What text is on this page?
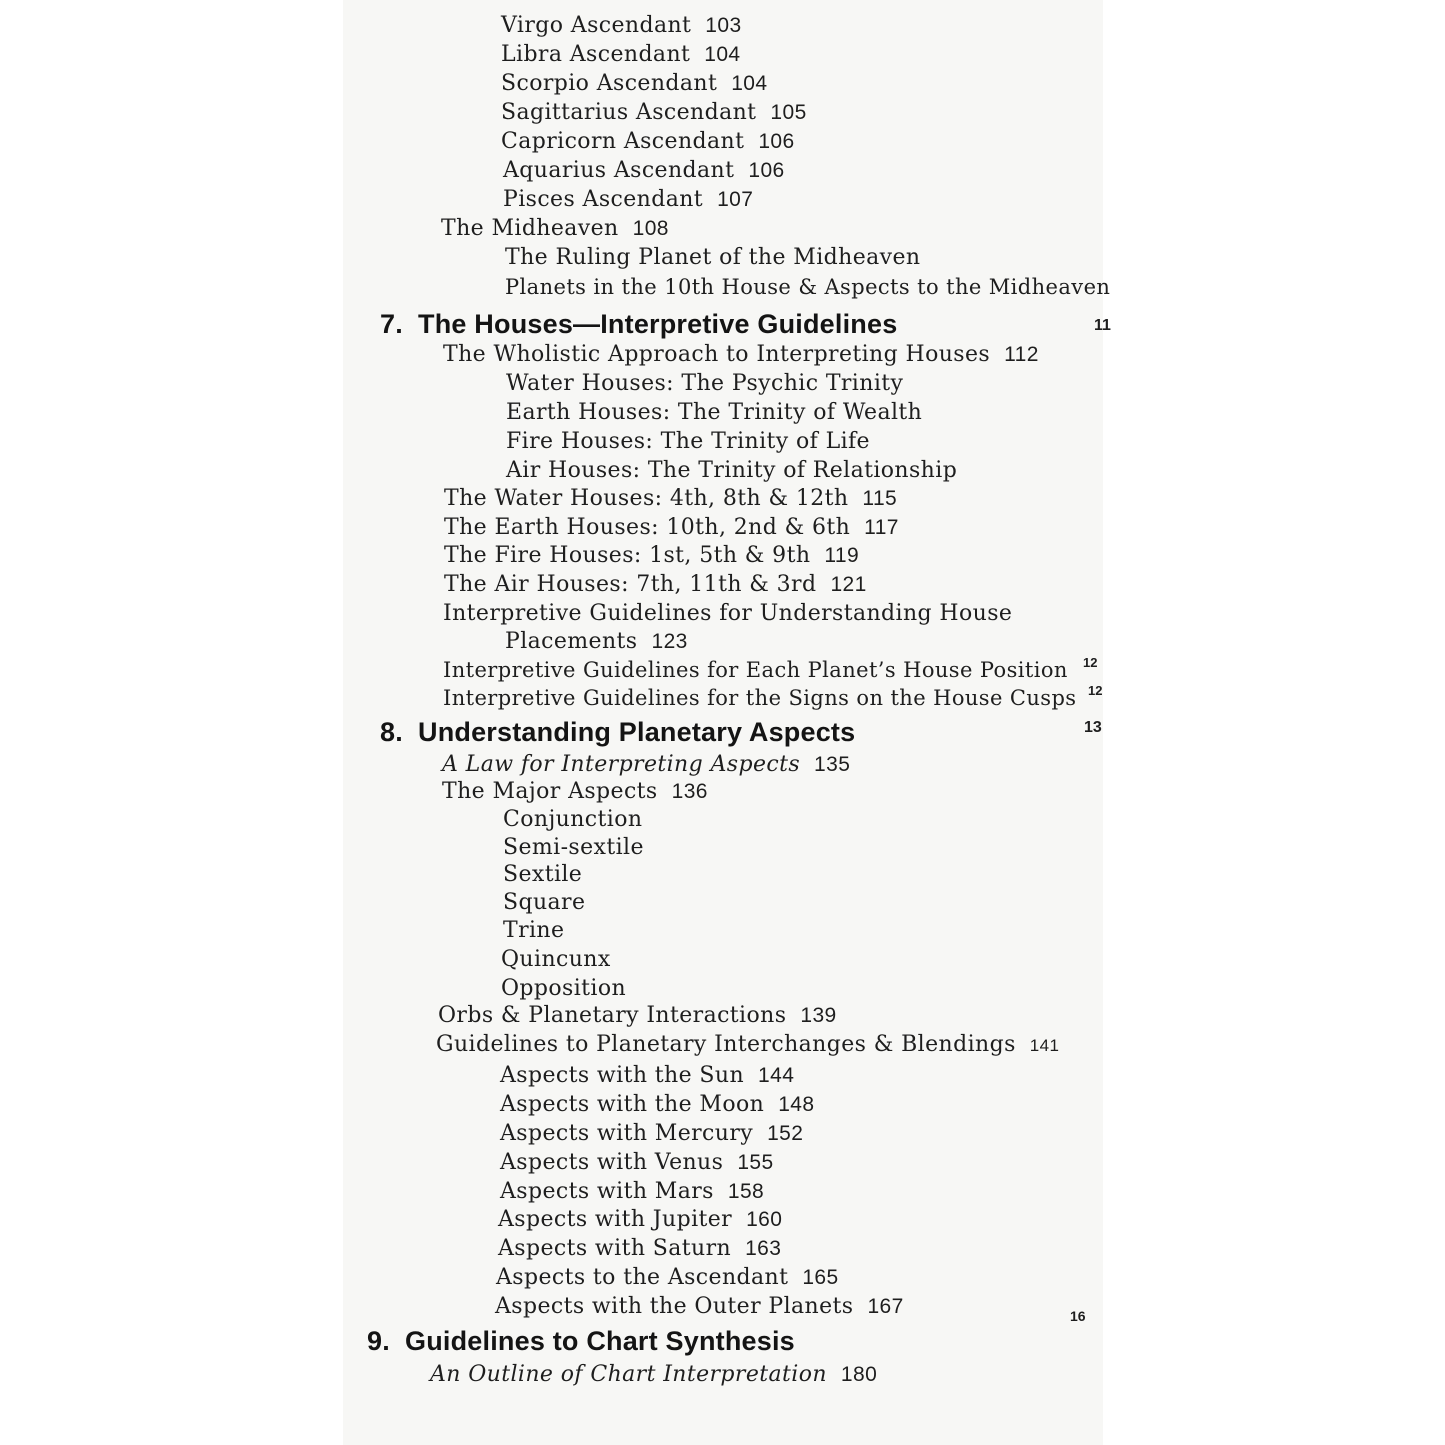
Virgo Ascendant 103
Libra Ascendant 104
Scorpio Ascendant 104
Sagittarius Ascendant 105
Capricorn Ascendant 106
Aquarius Ascendant 106
Pisces Ascendant 107
The Midheaven 108
The Ruling Planet of the Midheaven
Planets in the 10th House & Aspects to the Midheaven
7. The Houses—Interpretive Guidelines	11
The Wholistic Approach to Interpreting Houses 112
Water Houses: The Psychic Trinity
Earth Houses: The Trinity of Wealth
Fire Houses: The Trinity of Life
Air Houses: The Trinity of Relationship
The Water Houses: 4th, 8th & 12th 115
The Earth Houses: 10th, 2nd & 6th 117
The Fire Houses: 1st, 5th & 9th 119
The Air Houses: 7th, 11th & 3rd 121
Interpretive Guidelines for Understanding House
Placements 123
Interpretive Guidelines for Each Planet’s House Position 12
Interpretive Guidelines for the Signs on the House Cusps 12
8. Understanding Planetary Aspects	13
A Law for Interpreting Aspects 135
The Major Aspects 136
Conjunction
Semi-sextile
Sextile
Square
Trine
Quincunx
Opposition
Orbs & Planetary Interactions 139
Guidelines to Planetary Interchanges & Blendings 141
Aspects with the Sun 144
Aspects with the Moon 148
Aspects with Mercury 152
Aspects with Venus 155
Aspects with Mars 158
Aspects with Jupiter 160
Aspects with Saturn 163
Aspects to the Ascendant 165
Aspects with the Outer Planets 167
9. Guidelines to Chart Synthesis
16
An Outline of Chart Interpretation 180
